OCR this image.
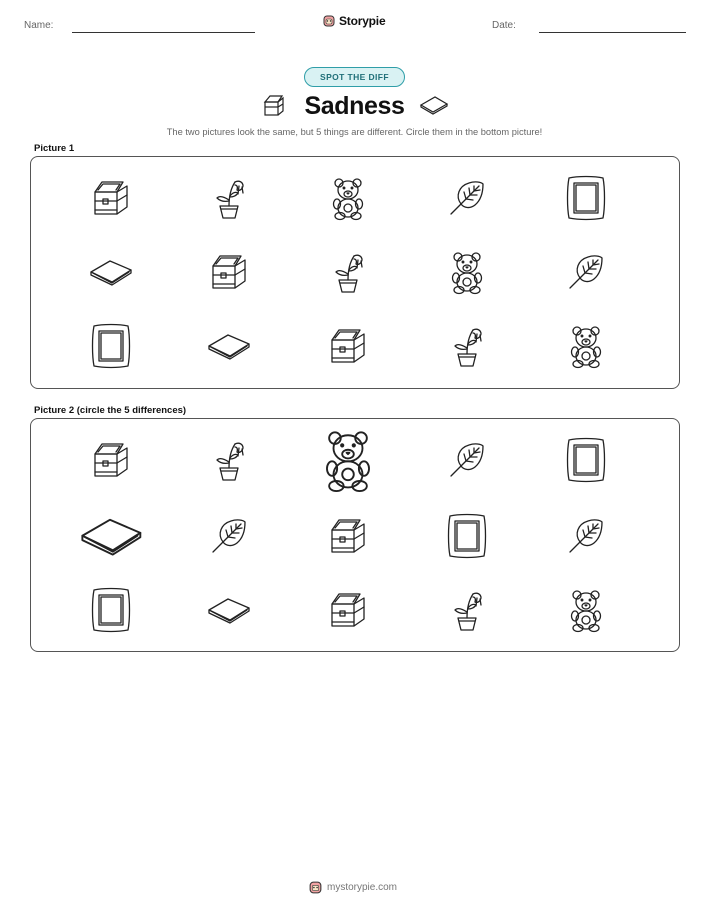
Name:	Storypie	Date:
SPOT THE DIFF
Sadness
The two pictures look the same, but 5 things are different. Circle them in the bottom picture!
Picture 1
Picture 2 (circle the 5 differences)
mystorypie.com
